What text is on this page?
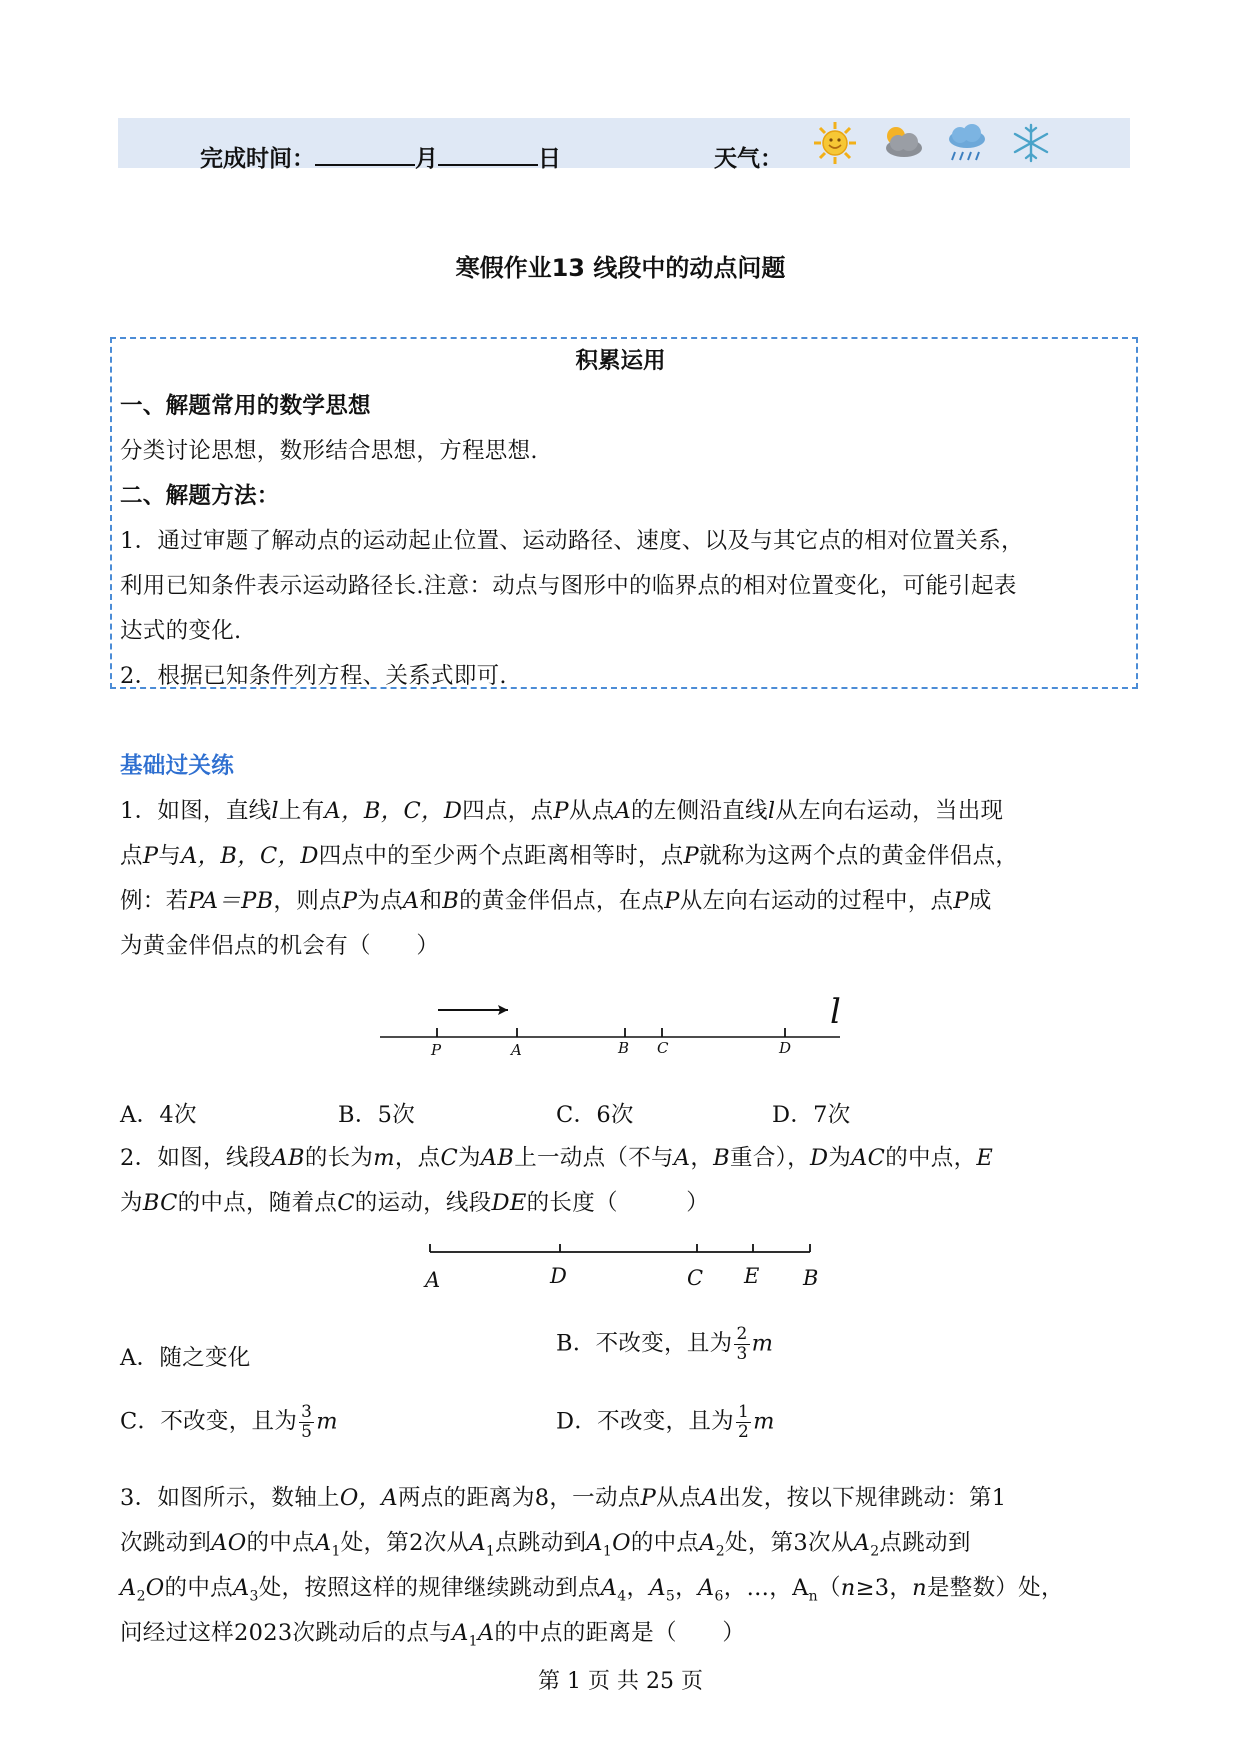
完成时间：	月	日	天气：
寒假作业13 线段中的动点问题
积累运用
一、解题常用的数学思想
分类讨论思想，数形结合思想，方程思想.
二、解题方法：
1．通过审题了解动点的运动起止位置、运动路径、速度、以及与其它点的相对位置关系，
利用已知条件表示运动路径长.注意：动点与图形中的临界点的相对位置变化，可能引起表
达式的变化.
2．根据已知条件列方程、关系式即可.
基础过关练
1．如图，直线l上有A，B，C，D四点，点P从点A的左侧沿直线l从左向右运动，当出现
点P与A，B，C，D四点中的至少两个点距离相等时，点P就称为这两个点的黄金伴侣点，
例：若PA＝PB，则点P为点A和B的黄金伴侣点，在点P从左向右运动的过程中，点P成
为黄金伴侣点的机会有（　　）
P	A	B C	D
l
A．4次	B．5次	C．6次	D．7次
2．如图，线段AB的长为m，点C为AB上一动点（不与A，B重合），D为AC的中点，E
为BC的中点，随着点C的运动，线段DE的长度（　　　）
A	D	C E B
A．随之变化
B．不改变，且为 $\frac{2}{3}$ m
C．不改变，且为 $\frac{3}{5}$ m	D．不改变，且为 $\frac{1}{2}$ m
3．如图所示，数轴上O，A两点的距离为8，一动点P从点A出发，按以下规律跳动：第1
次跳动到AO的中点$A_1$处，第2次从$A_1$点跳动到$A_1O$的中点$A_2$处，第3次从$A_2$点跳动到
$A_2O$的中点$A_3$处，按照这样的规律继续跳动到点$A_4$，$A_5$，$A_6$，…，$A_n(n\ge 3$，n是整数）处，
问经过这样2023次跳动后的点与$A_1A$的中点的距离是（　　）
第 1 页 共 25 页
